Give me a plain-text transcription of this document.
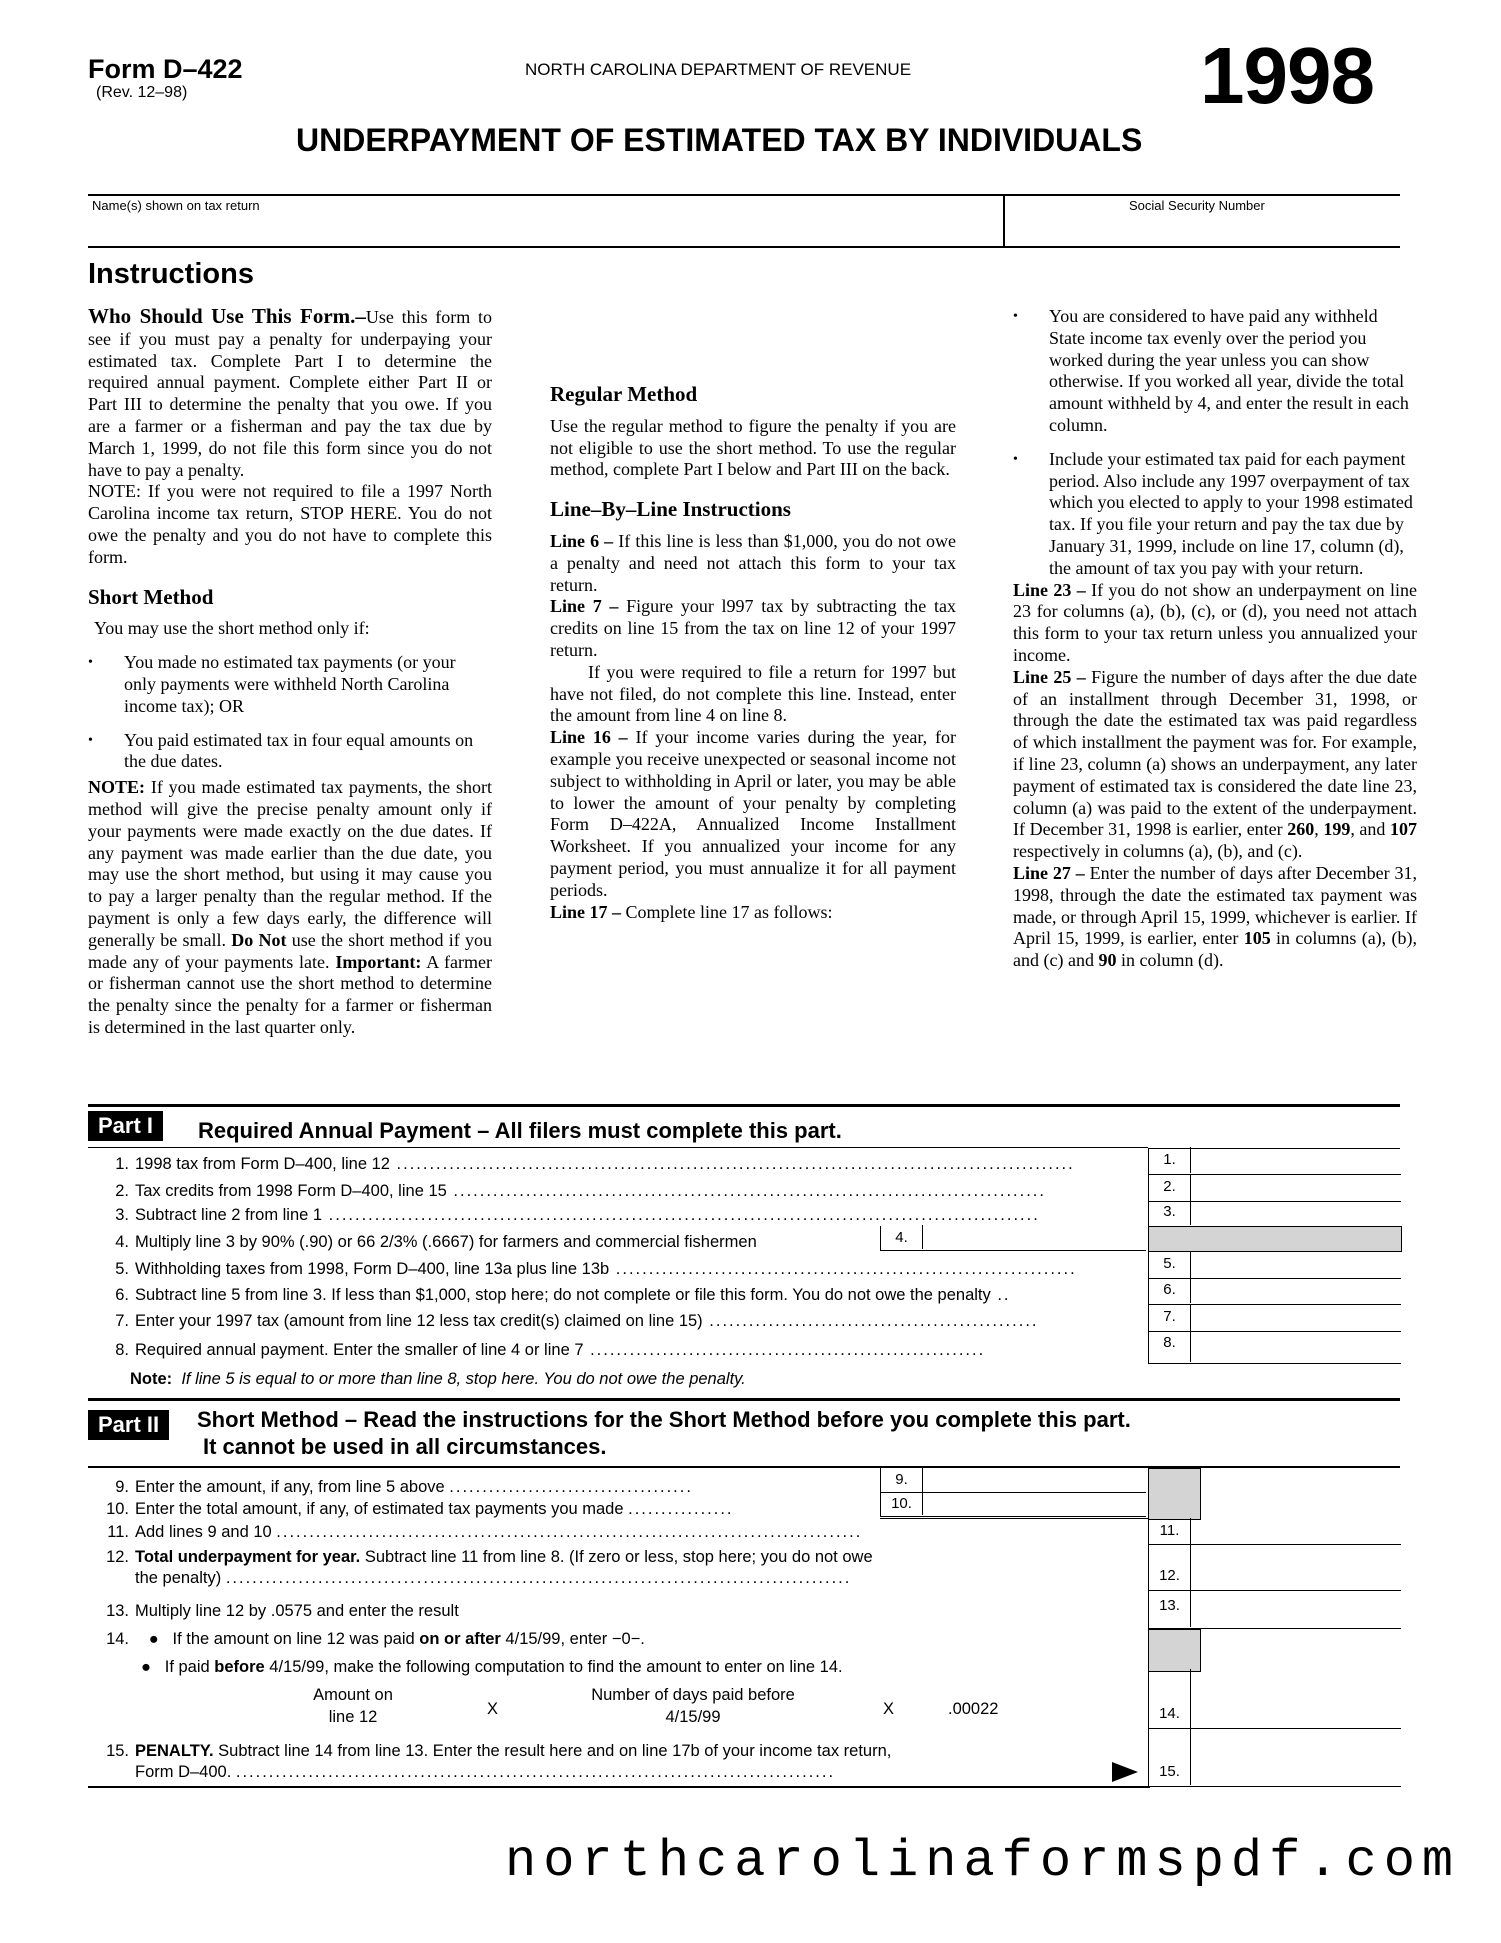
Form D–422
(Rev. 12–98)
NORTH CAROLINA DEPARTMENT OF REVENUE	1998
UNDERPAYMENT OF ESTIMATED TAX BY INDIVIDUALS
Name(s) shown on tax return	Social Security Number
Instructions

Who Should Use This Form.–Use this form to see if you must pay a penalty for underpaying your estimated tax. Complete Part I to determine the required annual payment. Complete either Part II or Part III to determine the penalty that you owe. If you are a farmer or a fisherman and pay the tax due by March 1, 1999, do not file this form since you do not have to pay a penalty.

NOTE: If you were not required to file a 1997 North Carolina income tax return, STOP HERE. You do not owe the penalty and you do not have to complete this form.

Short Method

You may use the short method only if:

• You made no estimated tax payments (or your only payments were withheld North Carolina income tax); OR

• You paid estimated tax in four equal amounts on the due dates.

NOTE: If you made estimated tax payments, the short method will give the precise penalty amount only if your payments were made exactly on the due dates. If any payment was made earlier than the due date, you may use the short method, but using it may cause you to pay a larger penalty than the regular method. If the payment is only a few days early, the difference will generally be small. Do Not use the short method if you made any of your payments late. Important: A farmer or fisherman cannot use the short method to determine the penalty since the penalty for a farmer or fisherman is determined in the last quarter only.

Regular Method

Use the regular method to figure the penalty if you are not eligible to use the short method. To use the regular method, complete Part I below and Part III on the back.

Line–By–Line Instructions

Line 6 – If this line is less than $1,000, you do not owe a penalty and need not attach this form to your tax return.

Line 7 – Figure your l997 tax by subtracting the tax credits on line 15 from the tax on line 12 of your 1997 return.

If you were required to file a return for 1997 but have not filed, do not complete this line. Instead, enter the amount from line 4 on line 8.

Line 16 – If your income varies during the year, for example you receive unexpected or seasonal income not subject to withholding in April or later, you may be able to lower the amount of your penalty by completing Form D–422A, Annualized Income Installment Worksheet. If you annualized your income for any payment period, you must annualize it for all payment periods.

Line 17 – Complete line 17 as follows:

• You are considered to have paid any withheld State income tax evenly over the period you worked during the year unless you can show otherwise. If you worked all year, divide the total amount withheld by 4, and enter the result in each column.

• Include your estimated tax paid for each payment period. Also include any 1997 overpayment of tax which you elected to apply to your 1998 estimated tax. If you file your return and pay the tax due by January 31, 1999, include on line 17, column (d), the amount of tax you pay with your return.

Line 23 – If you do not show an underpayment on line 23 for columns (a), (b), (c), or (d), you need not attach this form to your tax return unless you annualized your income.

Line 25 – Figure the number of days after the due date of an installment through December 31, 1998, or through the date the estimated tax was paid regardless of which installment the payment was for. For example, if line 23, column (a) shows an underpayment, any later payment of estimated tax is considered the date line 23, column (a) was paid to the extent of the underpayment. If December 31, 1998 is earlier, enter 260, 199, and 107 respectively in columns (a), (b), and (c).

Line 27 – Enter the number of days after December 31, 1998, through the date the estimated tax payment was made, or through April 15, 1999, whichever is earlier. If April 15, 1999, is earlier, enter 105 in columns (a), (b), and (c) and 90 in column (d).

Part I	Required Annual Payment – All filers must complete this part.
1. 1998 tax from Form D–400, line 12 .......................................................................................................	1.
2. Tax credits from 1998 Form D–400, line 15 ..........................................................................................	2.
3. Subtract line 2 from line 1 ............................................................................................................	3.
4. Multiply line 3 by 90% (.90) or 66 2/3% (.6667) for farmers and commercial fishermen	4.
5. Withholding taxes from 1998, Form D–400, line 13a plus line 13b ......................................................................	5.
6. Subtract line 5 from line 3. If less than $1,000, stop here; do not complete or file this form. You do not owe the penalty ..	6.
7. Enter your 1997 tax (amount from line 12 less tax credit(s) claimed on line 15) ..................................................	7.
8. Required annual payment. Enter the smaller of line 4 or line 7 ............................................................	8.
Note: If line 5 is equal to or more than line 8, stop here. You do not owe the penalty.
Part II	Short Method – Read the instructions for the Short Method before you complete this part.
It cannot be used in all circumstances.
9. Enter the amount, if any, from line 5 above .....................................	9.
10. Enter the total amount, if any, of estimated tax payments you made ................	10.
11. Add lines 9 and 10 .........................................................................................	11.
12. Total underpayment for year. Subtract line 11 from line 8. (If zero or less, stop here; you do not owe
the penalty) ...............................................................................................	12.
13. Multiply line 12 by .0575 and enter the result	13.
14. ● If the amount on line 12 was paid on or after 4/15/99, enter −0−.
● If paid before 4/15/99, make the following computation to find the amount to enter on line 14.
Amount on
line 12	X
Number of days paid before
4/15/99	X	.00022	14.
15. PENALTY. Subtract line 14 from line 13. Enter the result here and on line 17b of your income tax return,
Form D–400. ...........................................................................................	15.
northcarolinaformspdf.com
